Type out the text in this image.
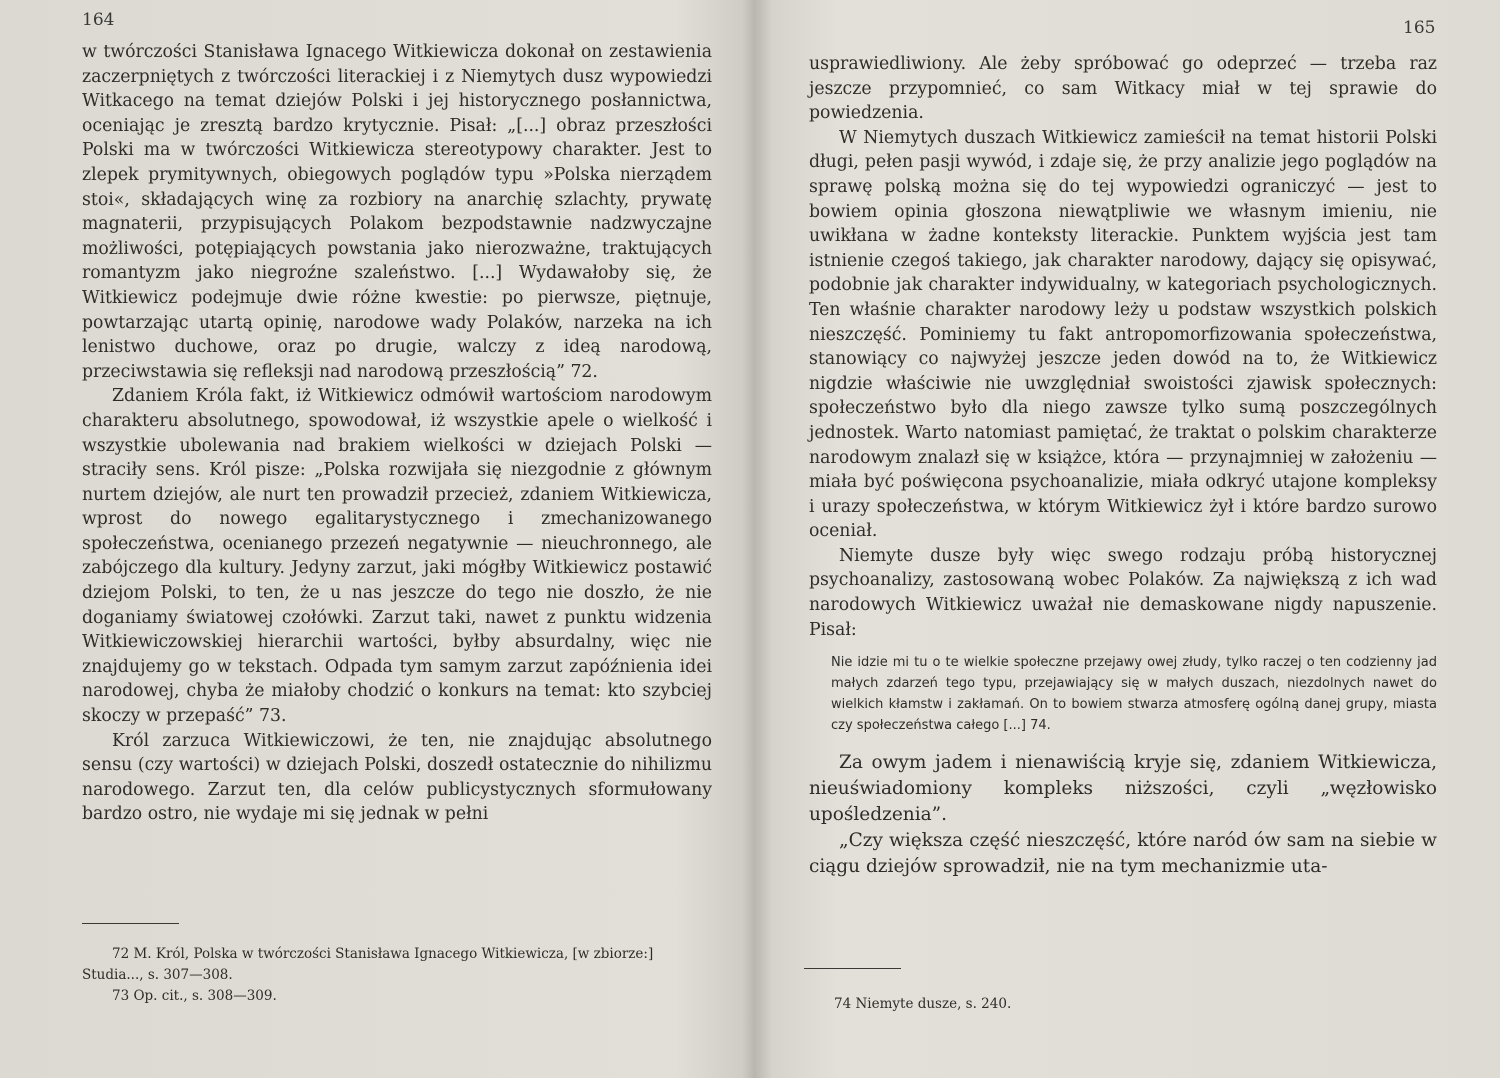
164

w twórczości Stanisława Ignacego Witkiewicza dokonał on zestawienia zaczerpniętych z twórczości literackiej i z Niemytych dusz wypowiedzi Witkacego na temat dziejów Polski i jej historycznego posłannictwa, oceniając je zresztą bardzo krytycznie. Pisał: „[...] obraz przeszłości Polski ma w twórczości Witkiewicza stereotypowy charakter. Jest to zlepek prymitywnych, obiegowych poglądów typu »Polska nierządem stoi«, składających winę za rozbiory na anarchię szlachty, prywatę magnaterii, przypisujących Polakom bezpodstawnie nadzwyczajne możliwości, potępiających powstania jako nierozważne, traktujących romantyzm jako niegroźne szaleństwo. [...] Wydawałoby się, że Witkiewicz podejmuje dwie różne kwestie: po pierwsze, piętnuje, powtarzając utartą opinię, narodowe wady Polaków, narzeka na ich lenistwo duchowe, oraz po drugie, walczy z ideą narodową, przeciwstawia się refleksji nad narodową przeszłością” 72.

Zdaniem Króla fakt, iż Witkiewicz odmówił wartościom narodowym charakteru absolutnego, spowodował, iż wszystkie apele o wielkość i wszystkie ubolewania nad brakiem wielkości w dziejach Polski — straciły sens. Król pisze: „Polska rozwijała się niezgodnie z głównym nurtem dziejów, ale nurt ten prowadził przecież, zdaniem Witkiewicza, wprost do nowego egalitarystycznego i zmechanizowanego społeczeństwa, ocenianego przezeń negatywnie — nieuchronnego, ale zabójczego dla kultury. Jedyny zarzut, jaki mógłby Witkiewicz postawić dziejom Polski, to ten, że u nas jeszcze do tego nie doszło, że nie doganiamy światowej czołówki. Zarzut taki, nawet z punktu widzenia Witkiewiczowskiej hierarchii wartości, byłby absurdalny, więc nie znajdujemy go w tekstach. Odpada tym samym zarzut zapóźnienia idei narodowej, chyba że miałoby chodzić o konkurs na temat: kto szybciej skoczy w przepaść” 73.

Król zarzuca Witkiewiczowi, że ten, nie znajdując absolutnego sensu (czy wartości) w dziejach Polski, doszedł ostatecznie do nihilizmu narodowego. Zarzut ten, dla celów publicystycznych sformułowany bardzo ostro, nie wydaje mi się jednak w pełni

72 M. Król, Polska w twórczości Stanisława Ignacego Witkiewicza, [w zbiorze:] Studia..., s. 307—308.

73 Op. cit., s. 308—309.

165

usprawiedliwiony. Ale żeby spróbować go odeprzeć — trzeba raz jeszcze przypomnieć, co sam Witkacy miał w tej sprawie do powiedzenia.

W Niemytych duszach Witkiewicz zamieścił na temat historii Polski długi, pełen pasji wywód, i zdaje się, że przy analizie jego poglądów na sprawę polską można się do tej wypowiedzi ograniczyć — jest to bowiem opinia głoszona niewątpliwie we własnym imieniu, nie uwikłana w żadne konteksty literackie. Punktem wyjścia jest tam istnienie czegoś takiego, jak charakter narodowy, dający się opisywać, podobnie jak charakter indywidualny, w kategoriach psychologicznych. Ten właśnie charakter narodowy leży u podstaw wszystkich polskich nieszczęść. Pominiemy tu fakt antropomorfizowania społeczeństwa, stanowiący co najwyżej jeszcze jeden dowód na to, że Witkiewicz nigdzie właściwie nie uwzględniał swoistości zjawisk społecznych: społeczeństwo było dla niego zawsze tylko sumą poszczególnych jednostek. Warto natomiast pamiętać, że traktat o polskim charakterze narodowym znalazł się w książce, która — przynajmniej w założeniu — miała być poświęcona psychoanalizie, miała odkryć utajone kompleksy i urazy społeczeństwa, w którym Witkiewicz żył i które bardzo surowo oceniał.

Niemyte dusze były więc swego rodzaju próbą historycznej psychoanalizy, zastosowaną wobec Polaków. Za największą z ich wad narodowych Witkiewicz uważał nie demaskowane nigdy napuszenie. Pisał:

Nie idzie mi tu o te wielkie społeczne przejawy owej złudy, tylko raczej o ten codzienny jad małych zdarzeń tego typu, przejawiający się w małych duszach, niezdolnych nawet do wielkich kłamstw i zakłamań. On to bowiem stwarza atmosferę ogólną danej grupy, miasta czy społeczeństwa całego [...] 74.

Za owym jadem i nienawiścią kryje się, zdaniem Witkiewicza, nieuświadomiony kompleks niższości, czyli „węzłowisko upośledzenia”.

„Czy większa część nieszczęść, które naród ów sam na siebie w ciągu dziejów sprowadził, nie na tym mechanizmie uta-

74 Niemyte dusze, s. 240.
